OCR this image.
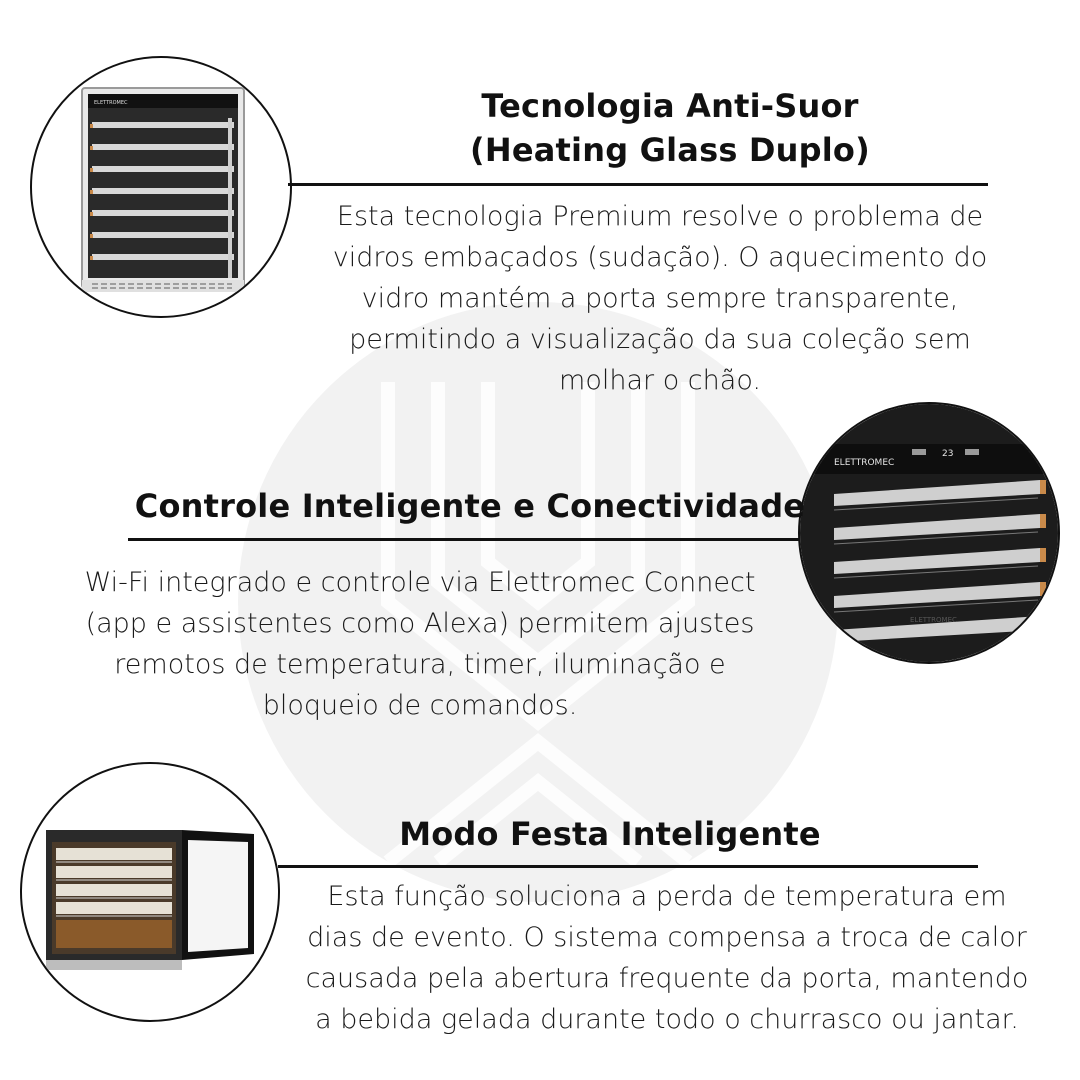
ELETTROMEC
ELETTROMEC
23
ELETTROMEC
Tecnologia Anti-Suor
(Heating Glass Duplo)
Esta tecnologia Premium resolve o problema de
vidros embaçados (sudação). O aquecimento do
vidro mantém a porta sempre transparente,
permitindo a visualização da sua coleção sem
molhar o chão.
Controle Inteligente e Conectividade
Wi-Fi integrado e controle via Elettromec Connect
(app e assistentes como Alexa) permitem ajustes
remotos de temperatura, timer, iluminação e
bloqueio de comandos.
Modo Festa Inteligente
Esta função soluciona a perda de temperatura em
dias de evento. O sistema compensa a troca de calor
causada pela abertura frequente da porta, mantendo
a bebida gelada durante todo o churrasco ou jantar.
